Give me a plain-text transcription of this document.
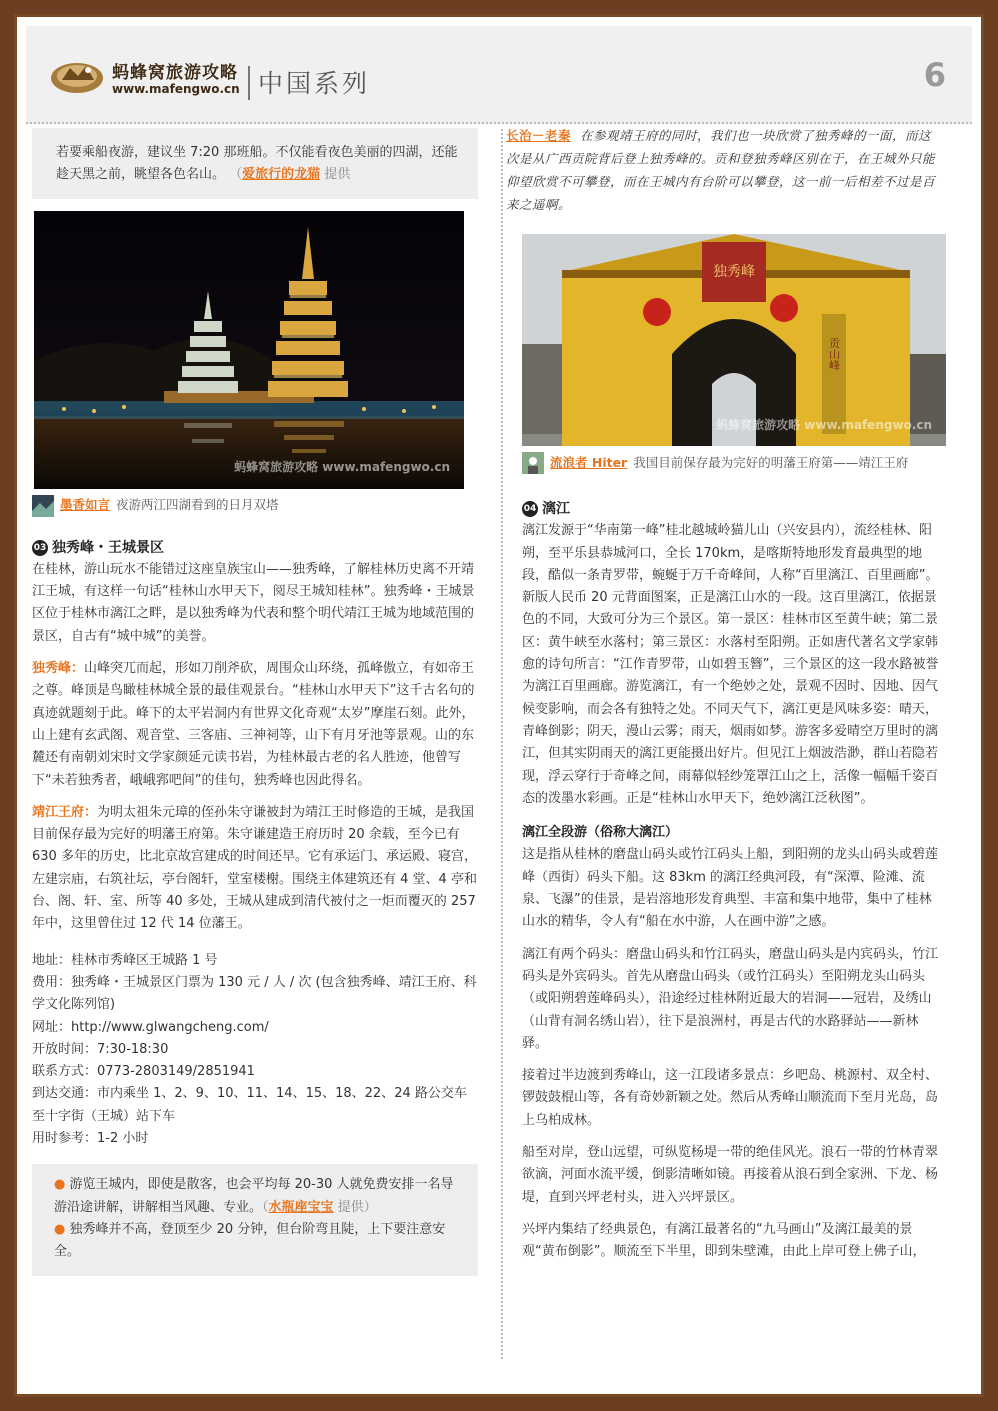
蚂蜂窝旅游攻略
www.mafengwo.cn 中国系列	6
若要乘船夜游，建议坐 7:20 那班船。不仅能看夜色美丽的四湖，还能趁天黑之前，眺望各色名山。 （爱旅行的龙猫 提供
蚂蜂窝旅游攻略 www.mafengwo.cn
墨香如言 夜游两江四湖看到的日月双塔
03 独秀峰・王城景区

在桂林，游山玩水不能错过这座皇族宝山——独秀峰，了解桂林历史离不开靖江王城，有这样一句话“桂林山水甲天下，阅尽王城知桂林”。独秀峰・王城景区位于桂林市漓江之畔，是以独秀峰为代表和整个明代靖江王城为地域范围的景区，自古有“城中城”的美誉。

独秀峰：山峰突兀而起，形如刀削斧砍，周围众山环绕，孤峰傲立，有如帝王之尊。峰顶是鸟瞰桂林城全景的最佳观景台。“桂林山水甲天下”这千古名句的真迹就题刻于此。峰下的太平岩洞内有世界文化奇观“太岁”摩崖石刻。此外，山上建有玄武阁、观音堂、三客庙、三神祠等，山下有月牙池等景观。山的东麓还有南朝刘宋时文学家颜延元读书岩，为桂林最古老的名人胜迹，他曾写下“未若独秀者，峨峨郛吧间”的佳句，独秀峰也因此得名。

靖江王府：为明太祖朱元璋的侄孙朱守谦被封为靖江王时修造的王城，是我国目前保存最为完好的明藩王府第。朱守谦建造王府历时 20 余载，至今已有 630 多年的历史，比北京故宫建成的时间还早。它有承运门、承运殿、寝宫，左建宗庙，右筑社坛，亭台阁轩，堂室楼榭。围绕主体建筑还有 4 堂、4 亭和台、阁、轩、室、所等 40 多处，王城从建成到清代被付之一炬而覆灭的 257 年中，这里曾住过 12 代 14 位藩王。

地址：桂林市秀峰区王城路 1 号
费用：独秀峰・王城景区门票为 130 元 / 人 / 次 (包含独秀峰、靖江王府、科学文化陈列馆)
网址：http://www.glwangcheng.com/
开放时间：7:30-18:30
联系方式：0773-2803149/2851941
到达交通：市内乘坐 1、2、9、10、11、14、15、18、22、24 路公交车至十字街（王城）站下车
用时参考：1-2 小时
● 游览王城内，即使是散客，也会平均每 20-30 人就免费安排一名导游沿途讲解，讲解相当风趣、专业。（水瓶座宝宝 提供）
● 独秀峰并不高，登顶至少 20 分钟，但台阶弯且陡，上下要注意安全。

长治－老秦 在参观靖王府的同时，我们也一块欣赏了独秀峰的一面，而这次是从广西贡院背后登上独秀峰的。贡和登独秀峰区别在于，在王城外只能仰望欣赏不可攀登，而在王城内有台阶可以攀登，这一前一后相差不过是百来之遥啊。

独秀峰
贡山峰
蚂蜂窝旅游攻略 www.mafengwo.cn
流浪者 Hiter 我国目前保存最为完好的明藩王府第——靖江王府
04 漓江

漓江发源于“华南第一峰”桂北越城岭猫儿山（兴安县内），流经桂林、阳朔，至平乐县恭城河口，全长 170km，是喀斯特地形发育最典型的地段，酷似一条青罗带，蜿蜒于万千奇峰间，人称“百里漓江、百里画廊”。新版人民币 20 元背面图案，正是漓江山水的一段。这百里漓江，依据景色的不同，大致可分为三个景区。第一景区：桂林市区至黄牛峡；第二景区：黄牛峡至水落村；第三景区：水落村至阳朔。正如唐代著名文学家韩愈的诗句所言：“江作青罗带，山如碧玉簪”，三个景区的这一段水路被誉为漓江百里画廊。游览漓江，有一个绝妙之处，景观不因时、因地、因气候变影响，而会各有独特之处。不同天气下，漓江更是风味多姿：晴天，青峰倒影；阴天，漫山云雾；雨天，烟雨如梦。游客多爱晴空万里时的漓江，但其实阴雨天的漓江更能摄出好片。但见江上烟波浩渺，群山若隐若现，浮云穿行于奇峰之间，雨幕似轻纱笼罩江山之上，活像一幅幅千姿百态的泼墨水彩画。正是“桂林山水甲天下，绝妙漓江泛秋图”。

漓江全段游（俗称大漓江）

这是指从桂林的磨盘山码头或竹江码头上船，到阳朔的龙头山码头或碧莲峰（西街）码头下船。这 83km 的漓江经典河段，有“深潭、险滩、流泉、飞瀑”的佳景，是岩溶地形发育典型、丰富和集中地带，集中了桂林山水的精华，令人有“船在水中游，人在画中游”之感。

漓江有两个码头：磨盘山码头和竹江码头，磨盘山码头是内宾码头，竹江码头是外宾码头。首先从磨盘山码头（或竹江码头）至阳朔龙头山码头（或阳朔碧莲峰码头），沿途经过桂林附近最大的岩洞——冠岩，及绣山（山背有洞名绣山岩），往下是浪洲村，再是古代的水路驿站——新林驿。

接着过半边渡到秀峰山，这一江段诸多景点：乡吧岛、桃源村、双全村、锣鼓鼓棍山等，各有奇妙新颖之处。然后从秀峰山顺流而下至月光岛，岛上乌柏成林。

船至对岸，登山远望，可纵览杨堤一带的绝佳风光。浪石一带的竹林青翠欲滴，河面水流平缓，倒影清晰如镜。再接着从浪石到全家洲、下龙、杨堤，直到兴坪老村头，进入兴坪景区。

兴坪内集结了经典景色，有漓江最著名的“九马画山”及漓江最美的景观“黄布倒影”。顺流至下半里，即到朱壁滩，由此上岸可登上佛子山，
